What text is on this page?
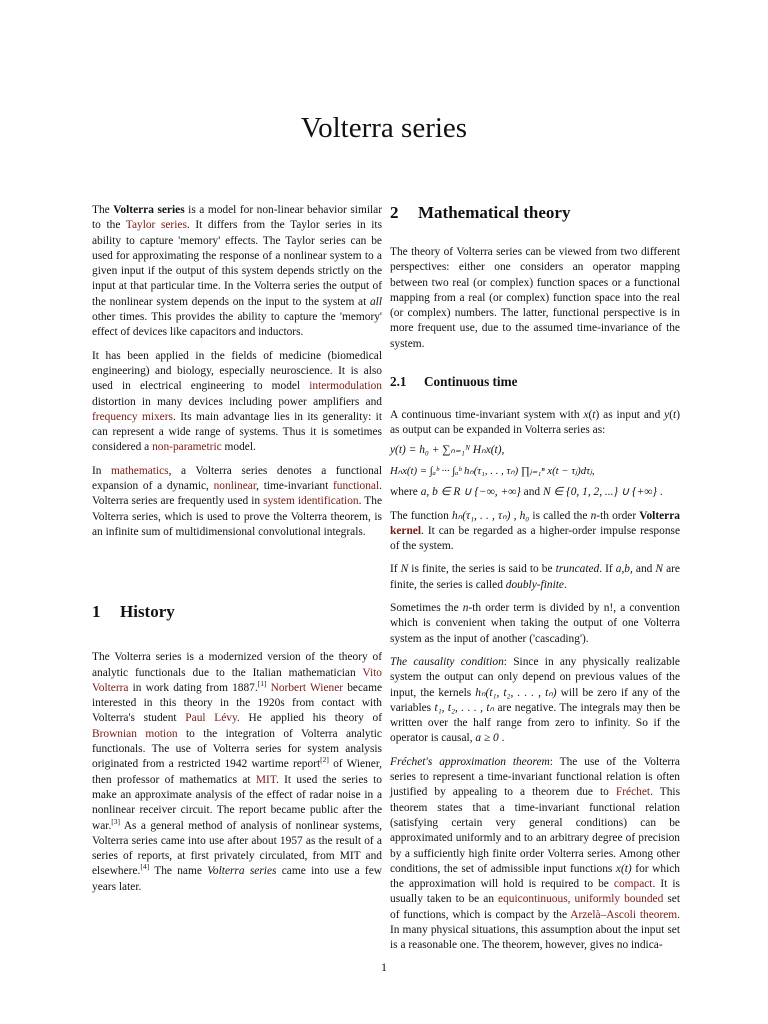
Volterra series

The Volterra series is a model for non-linear behavior similar to the Taylor series. It differs from the Taylor series in its ability to capture 'memory' effects. The Taylor series can be used for approximating the response of a nonlinear system to a given input if the output of this system depends strictly on the input at that particular time. In the Volterra series the output of the nonlinear system depends on the input to the system at all other times. This provides the ability to capture the 'memory' effect of devices like capacitors and inductors.

It has been applied in the fields of medicine (biomedical engineering) and biology, especially neuroscience. It is also used in electrical engineering to model intermodulation distortion in many devices including power amplifiers and frequency mixers. Its main advantage lies in its generality: it can represent a wide range of systems. Thus it is sometimes considered a non-parametric model.

In mathematics, a Volterra series denotes a functional expansion of a dynamic, nonlinear, time-invariant functional. Volterra series are frequently used in system identification. The Volterra series, which is used to prove the Volterra theorem, is an infinite sum of multidimensional convolutional integrals.

1 History

The Volterra series is a modernized version of the theory of analytic functionals due to the Italian mathematician Vito Volterra in work dating from 1887.[1] Norbert Wiener became interested in this theory in the 1920s from contact with Volterra's student Paul Lévy. He applied his theory of Brownian motion to the integration of Volterra analytic functionals. The use of Volterra series for system analysis originated from a restricted 1942 wartime report[2] of Wiener, then professor of mathematics at MIT. It used the series to make an approximate analysis of the effect of radar noise in a nonlinear receiver circuit. The report became public after the war.[3] As a general method of analysis of nonlinear systems, Volterra series came into use after about 1957 as the result of a series of reports, at first privately circulated, from MIT and elsewhere.[4] The name Volterra series came into use a few years later.

2 Mathematical theory

The theory of Volterra series can be viewed from two different perspectives: either one considers an operator mapping between two real (or complex) function spaces or a functional mapping from a real (or complex) function space into the real (or complex) numbers. The latter, functional perspective is in more frequent use, due to the assumed time-invariance of the system.

2.1 Continuous time

A continuous time-invariant system with x(t) as input and y(t) as output can be expanded in Volterra series as:

y(t) = h₀ + ∑ₙ₌₁ᴺ Hₙx(t),
Hₙx(t) = ∫ₐᵇ ··· ∫ₐᵇ hₙ(τ₁, . . , τₙ) ∏ⱼ₌₁ⁿ x(t − τⱼ)dτⱼ,

where a, b ∈ R ∪ {−∞, +∞} and N ∈ {0, 1, 2, ...} ∪ {+∞} .

The function hₙ(τ₁, . . , τₙ) , h₀ is called the n-th order Volterra kernel. It can be regarded as a higher-order impulse response of the system.

If N is finite, the series is said to be truncated. If a,b, and N are finite, the series is called doubly-finite.

Sometimes the n-th order term is divided by n!, a convention which is convenient when taking the output of one Volterra system as the input of another ('cascading').

The causality condition: Since in any physically realizable system the output can only depend on previous values of the input, the kernels hₙ(t₁, t₂, . . . , tₙ) will be zero if any of the variables t₁, t₂, . . . , tₙ are negative. The integrals may then be written over the half range from zero to infinity. So if the operator is causal, a ≥ 0 .

Fréchet's approximation theorem: The use of the Volterra series to represent a time-invariant functional relation is often justified by appealing to a theorem due to Fréchet. This theorem states that a time-invariant functional relation (satisfying certain very general conditions) can be approximated uniformly and to an arbitrary degree of precision by a sufficiently high finite order Volterra series. Among other conditions, the set of admissible input functions x(t) for which the approximation will hold is required to be compact. It is usually taken to be an equicontinuous, uniformly bounded set of functions, which is compact by the Arzelà–Ascoli theorem. In many physical situations, this assumption about the input set is a reasonable one. The theorem, however, gives no indica-

1
